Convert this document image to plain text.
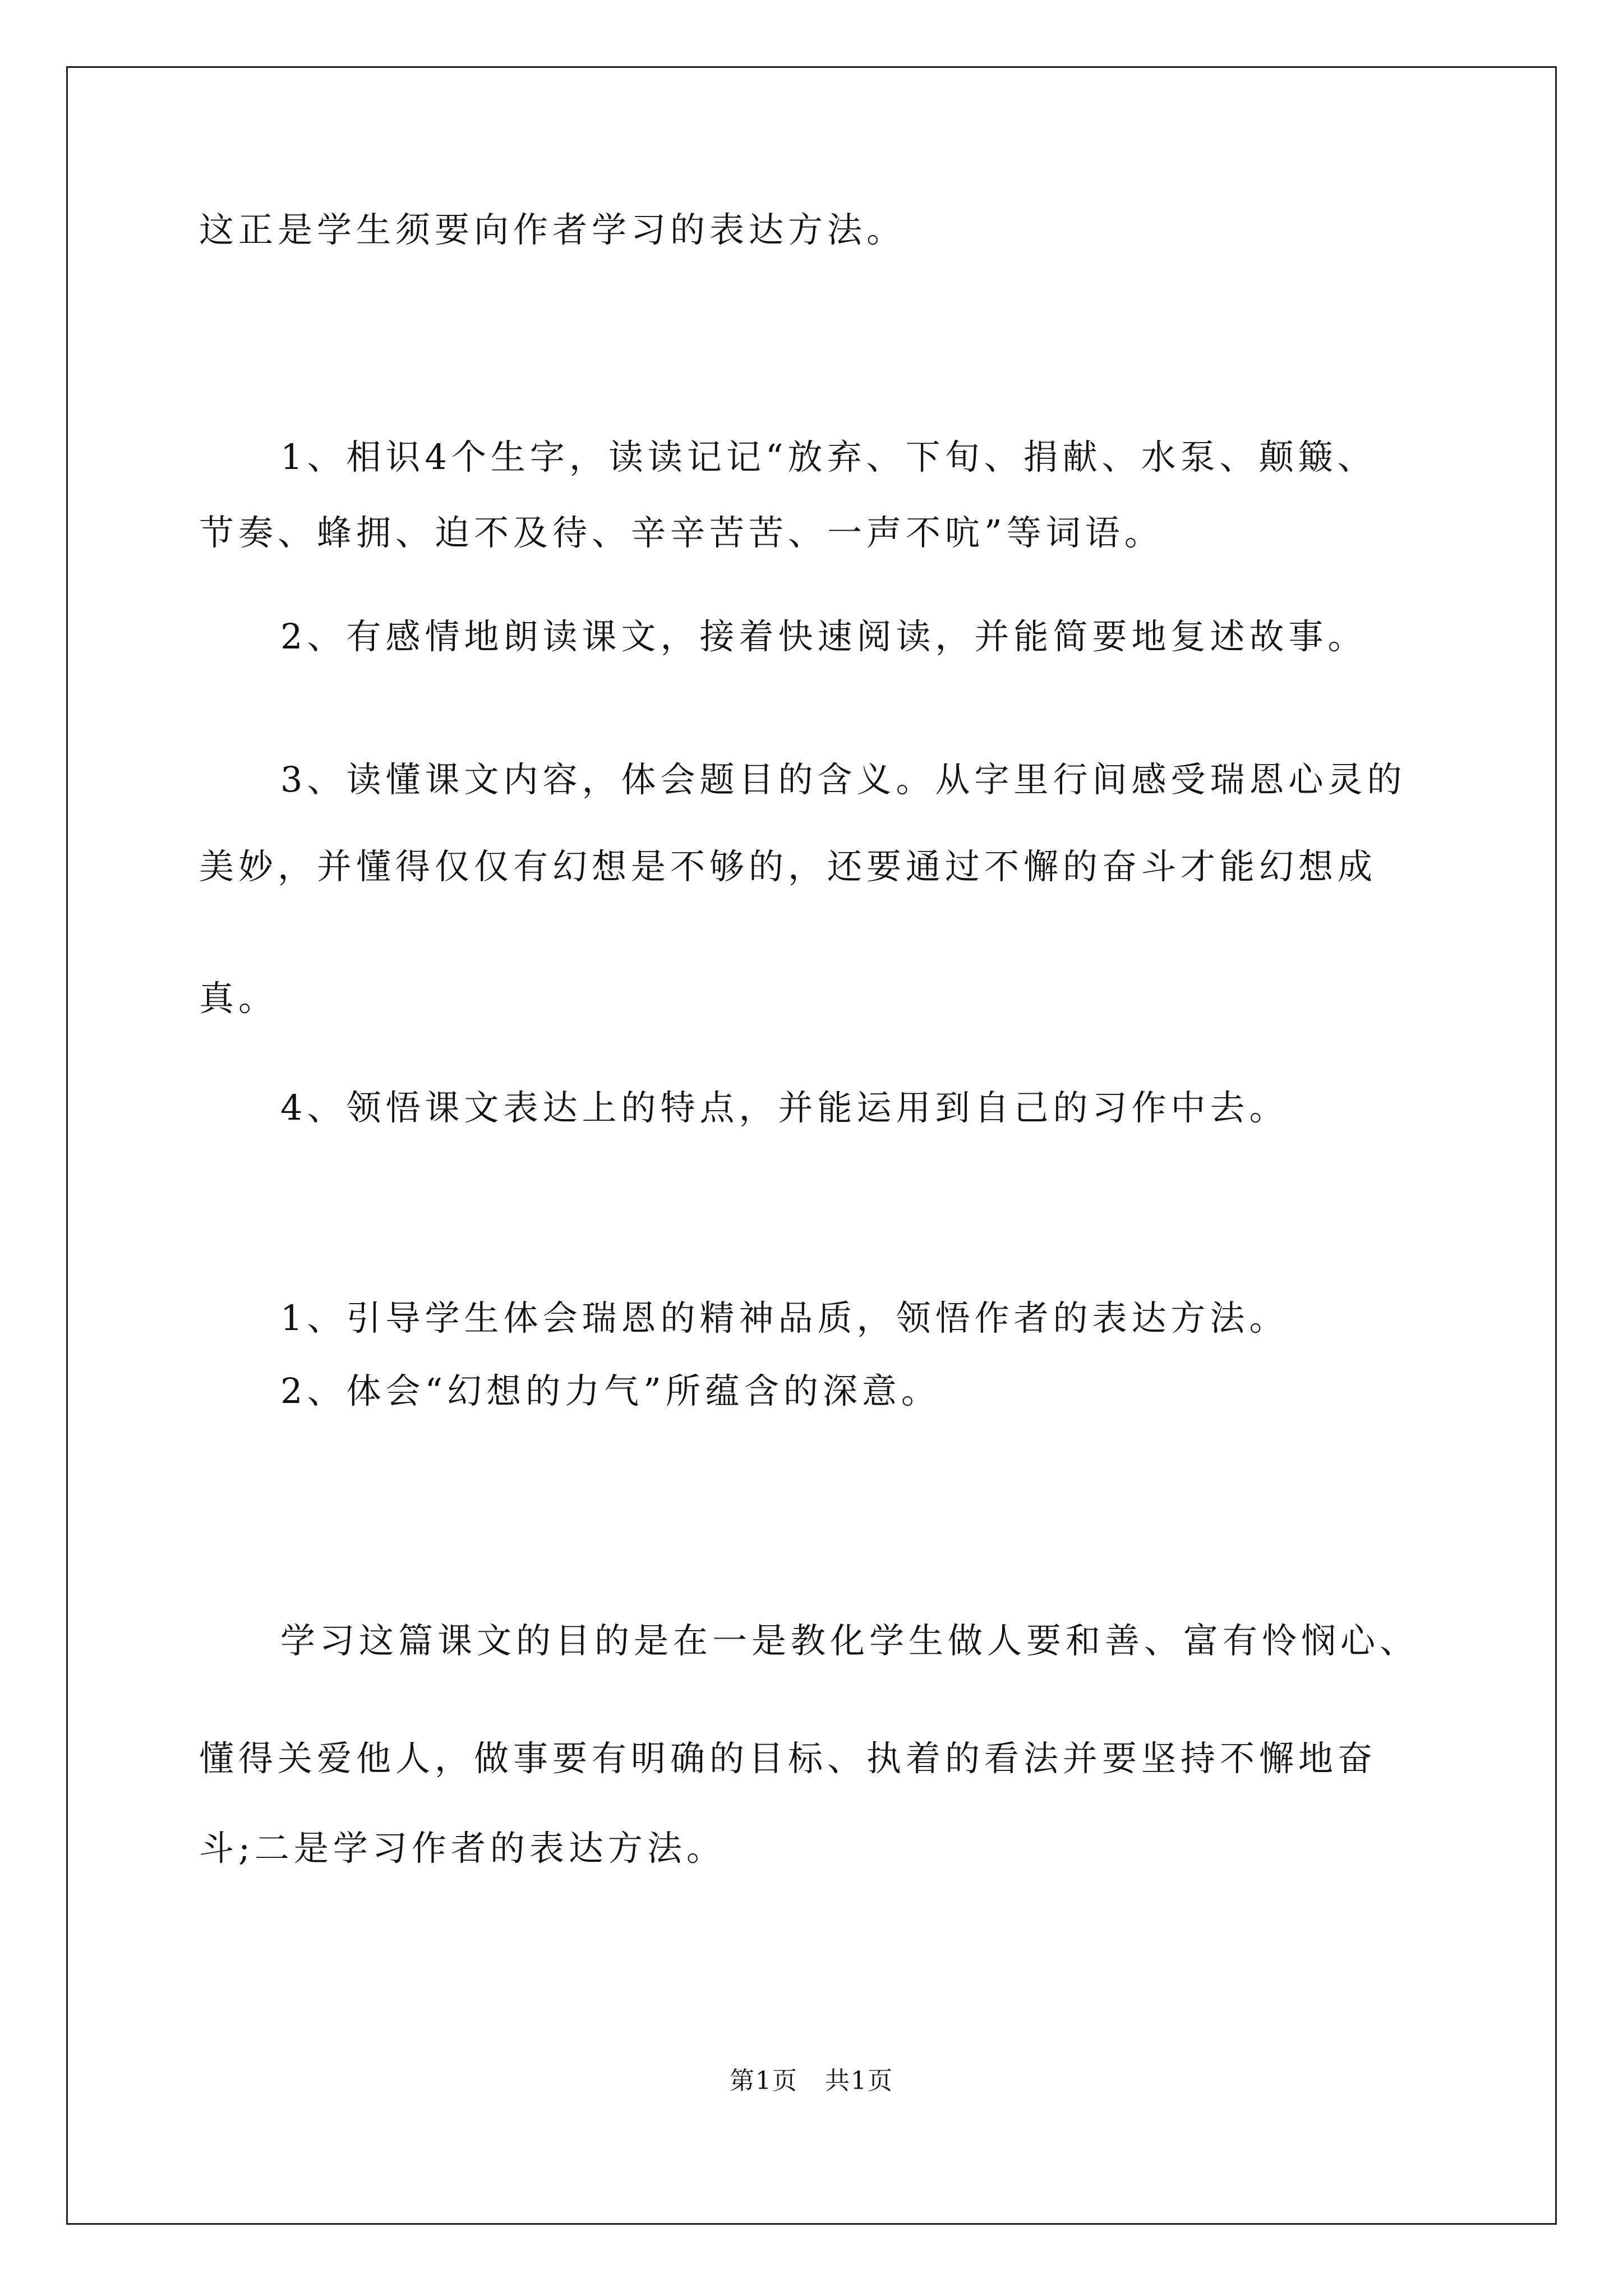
这正是学生须要向作者学习的表达方法。
1、相识4个生字，读读记记“放弃、下旬、捐献、水泵、颠簸、
节奏、蜂拥、迫不及待、辛辛苦苦、一声不吭”等词语。
2、有感情地朗读课文，接着快速阅读，并能简要地复述故事。
3、读懂课文内容，体会题目的含义。从字里行间感受瑞恩心灵的
美妙，并懂得仅仅有幻想是不够的，还要通过不懈的奋斗才能幻想成
真。
4、领悟课文表达上的特点，并能运用到自己的习作中去。
1、引导学生体会瑞恩的精神品质，领悟作者的表达方法。
2、体会“幻想的力气”所蕴含的深意。
学习这篇课文的目的是在一是教化学生做人要和善、富有怜悯心、
懂得关爱他人，做事要有明确的目标、执着的看法并要坚持不懈地奋
斗;二是学习作者的表达方法。
第1页   共1页
